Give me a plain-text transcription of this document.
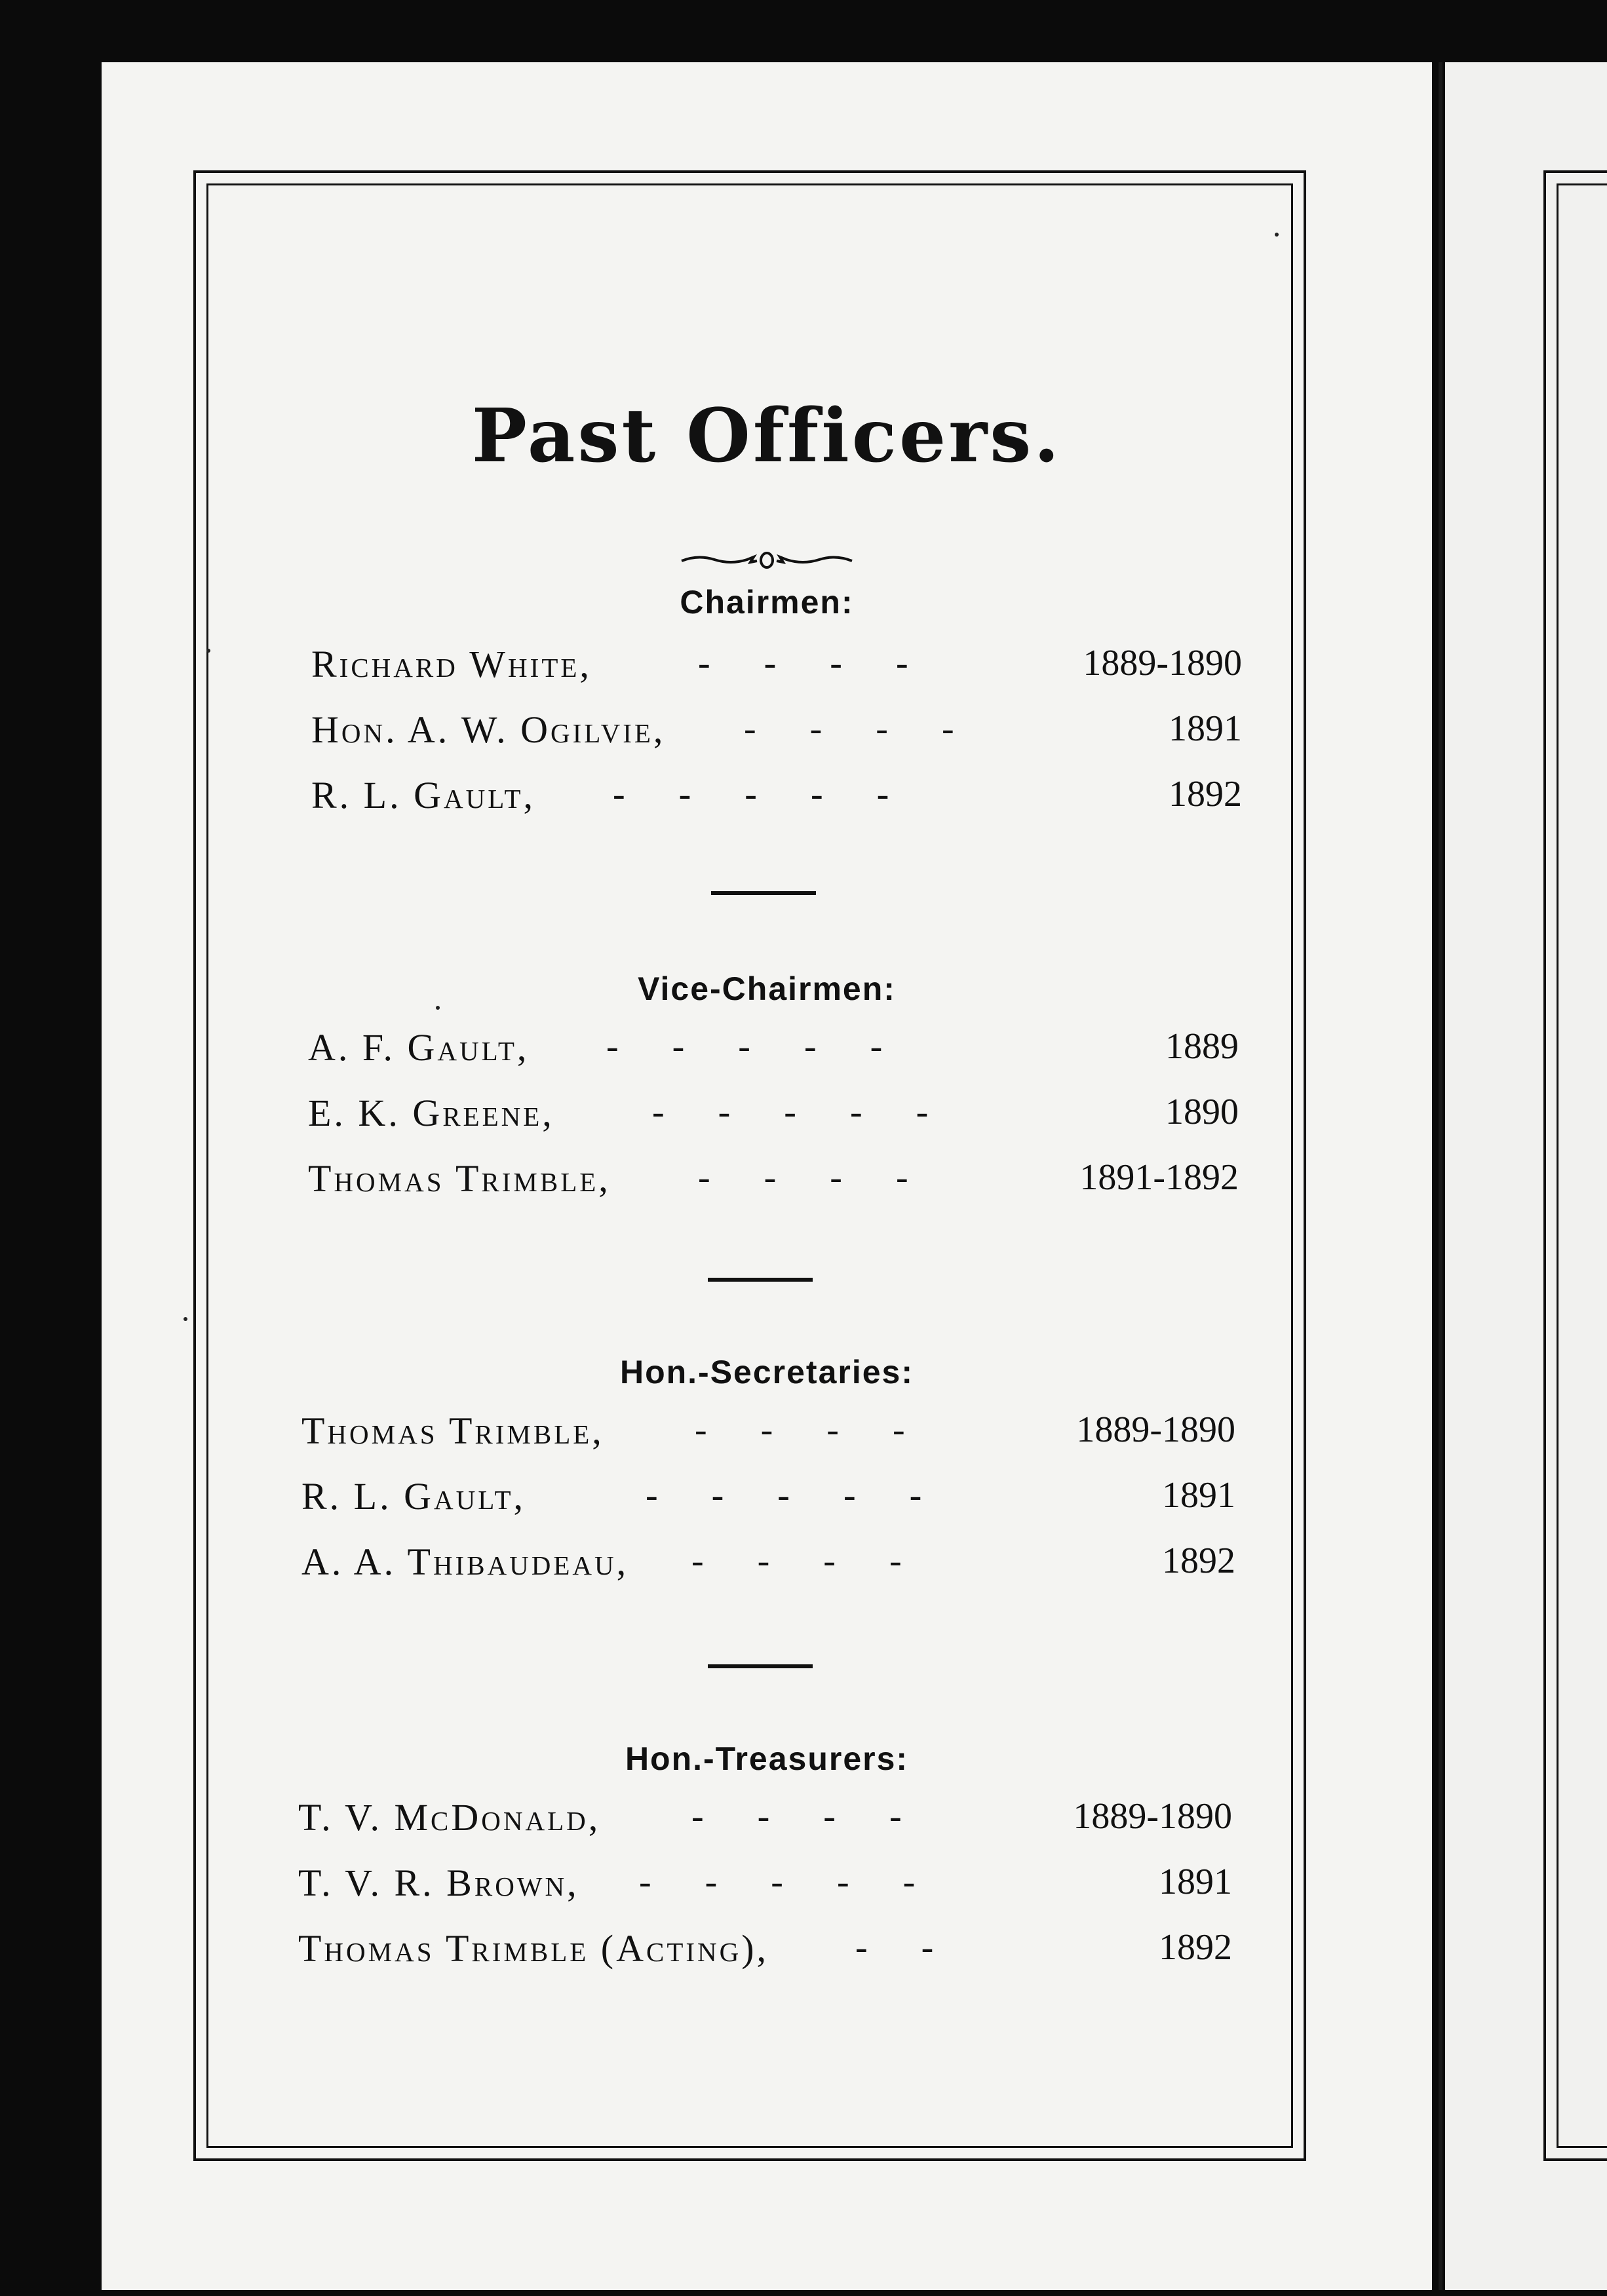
Past Officers.
Chairmen:
Richard White,	-     -     -     -	1889-1890
Hon. A. W. Ogilvie, -     -     -     -	1891
R. L. Gault, -     -     -     -     -	1892
Vice-Chairmen:
A. F. Gault, -     -     -     -     -	1889
E. K. Greene,	-     -     -     -     -	1890
Thomas Trimble, -     -     -     -	1891-1892
Hon.-Secretaries:
Thomas Trimble, -     -     -     -	1889-1890
R. L. Gault,	-     -     -     -     -	1891
A. A. Thibaudeau, -     -     -     -	1892
Hon.-Treasurers:
T. V. McDonald, -     -     -     -	1889-1890
T. V. R. Brown, -     -     -     -     -	1891
Thomas Trimble (Acting), -     -	1892
